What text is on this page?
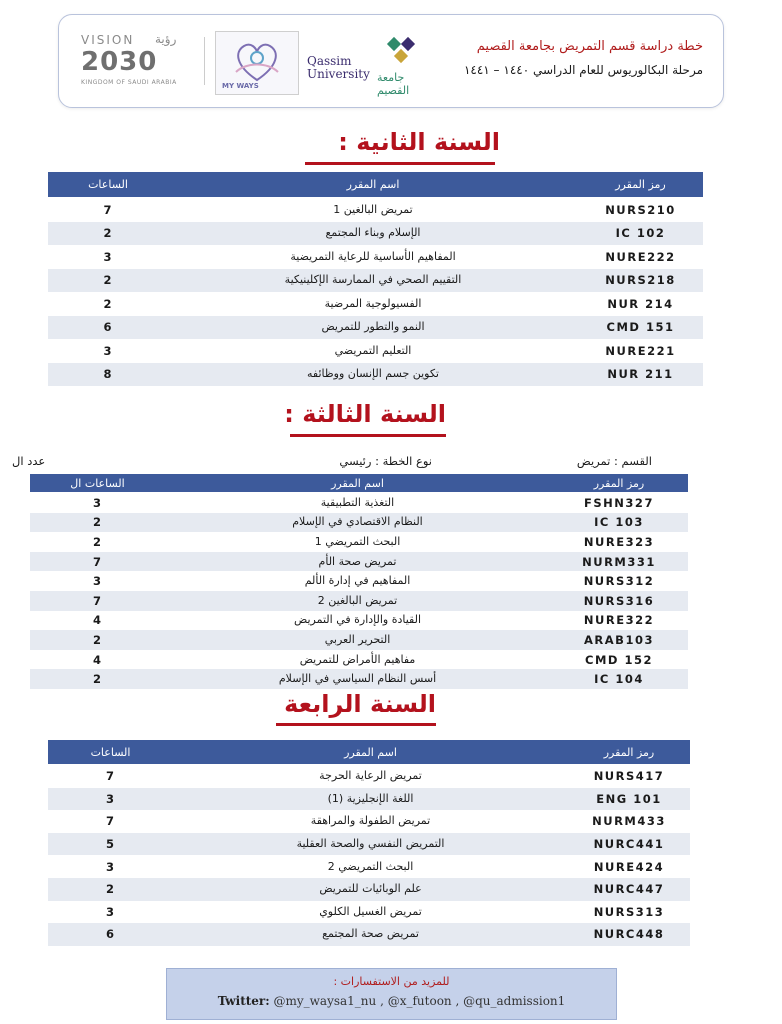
VISION رؤية
2030
KINGDOM OF SAUDI ARABIA	MY WAYS
Qassim University جامعة القصيم
خطة دراسة قسم التمريض بجامعة القصيم
مرحلة البكالوريوس للعام الدراسي ١٤٤٠ – ١٤٤١
السنة الثانية :
الساعات	اسم المقرر	رمز المقرر
7	تمريض البالغين 1	NURS210
2	الإسلام وبناء المجتمع	IC 102
3	المفاهيم الأساسية للرعاية التمريضية	NURE222
2	التقييم الصحي في الممارسة الإكلينيكية	NURS218
2	الفسيولوجية المرضية	NUR 214
6	النمو والتطور للتمريض	CMD 151
3	التعليم التمريضي	NURE221
8	تكوين جسم الإنسان ووظائفه	NUR 211
السنة الثالثة :
القسم : تمريض
نوع الخطة : رئيسي
عدد ال
الساعات ال	اسم المقرر	رمز المقرر
3	التغذية التطبيقية	FSHN327
2	النظام الاقتصادي في الإسلام	IC 103
2	البحث التمريضي 1	NURE323
7	تمريض صحة الأم	NURM331
3	المفاهيم في إدارة الألم	NURS312
7	تمريض البالغين 2	NURS316
4	القيادة والإدارة في التمريض	NURE322
2	التحرير العربي	ARAB103
4	مفاهيم الأمراض للتمريض	CMD 152
2	أسس النظام السياسي في الإسلام	IC 104
السنة الرابعة
الساعات	اسم المقرر	رمز المقرر
7	تمريض الرعاية الحرجة	NURS417
3	اللغة الإنجليزية (1)	ENG 101
7	تمريض الطفولة والمراهقة	NURM433
5	التمريض النفسي والصحة العقلية	NURC441
3	البحث التمريضي 2	NURE424
2	علم الوبائيات للتمريض	NURC447
3	تمريض الغسيل الكلوي	NURS313
6	تمريض صحة المجتمع	NURC448
للمزيد من الاستفسارات :
Twitter: @my_waysa1_nu , @x_futoon , @qu_admission1
